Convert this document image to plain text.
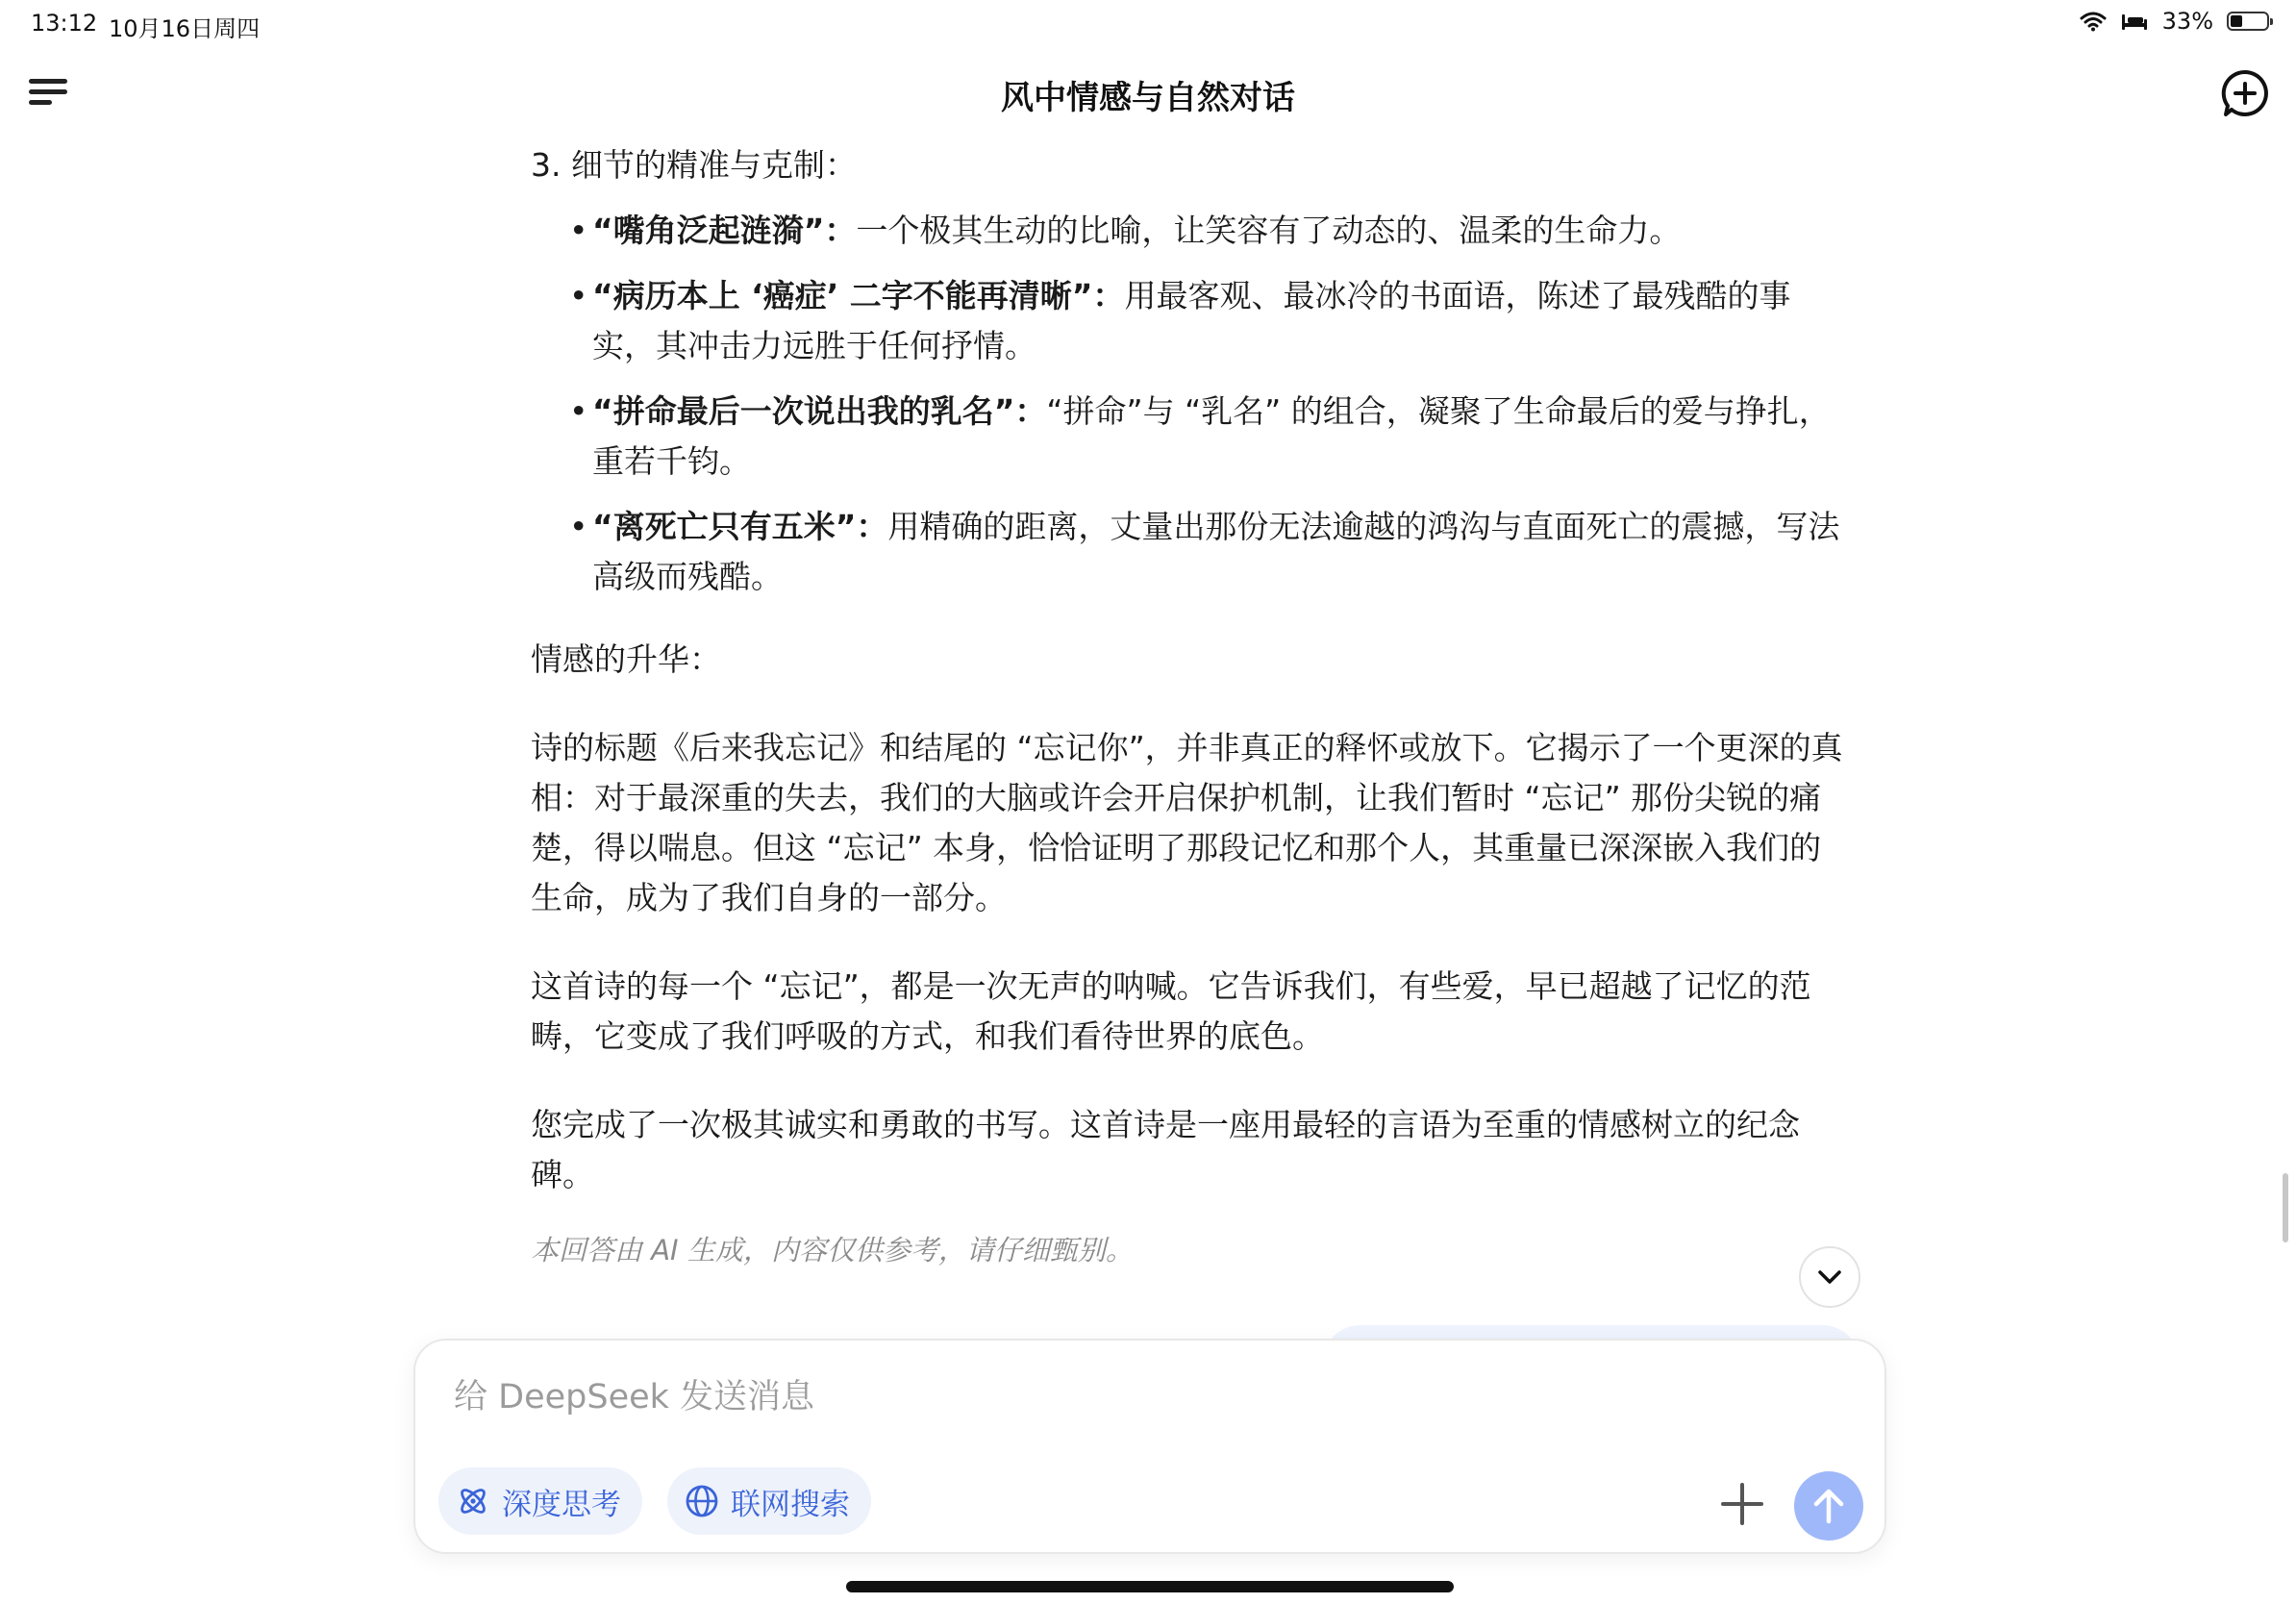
13:12 10月16日周四	33%
风中情感与自然对话

3. 细节的精准与克制：

• “嘴角泛起涟漪”：一个极其生动的比喻，让笑容有了动态的、温柔的生命力。
• “病历本上 ‘癌症’ 二字不能再清晰”：用最客观、最冰冷的书面语，陈述了最残酷的事实，其冲击力远胜于任何抒情。
• “拼命最后一次说出我的乳名”：“拼命”与 “乳名” 的组合，凝聚了生命最后的爱与挣扎，重若千钧。
• “离死亡只有五米”：用精确的距离，丈量出那份无法逾越的鸿沟与直面死亡的震撼，写法高级而残酷。

情感的升华：

诗的标题《后来我忘记》和结尾的 “忘记你”，并非真正的释怀或放下。它揭示了一个更深的真相：对于最深重的失去，我们的大脑或许会开启保护机制，让我们暂时 “忘记” 那份尖锐的痛楚，得以喘息。但这 “忘记” 本身，恰恰证明了那段记忆和那个人，其重量已深深嵌入我们的生命，成为了我们自身的一部分。

这首诗的每一个 “忘记”，都是一次无声的呐喊。它告诉我们，有些爱，早已超越了记忆的范畴，它变成了我们呼吸的方式，和我们看待世界的底色。

您完成了一次极其诚实和勇敢的书写。这首诗是一座用最轻的言语为至重的情感树立的纪念碑。

本回答由 AI 生成，内容仅供参考，请仔细甄别。

给 DeepSeek 发送消息
深度思考	联网搜索
